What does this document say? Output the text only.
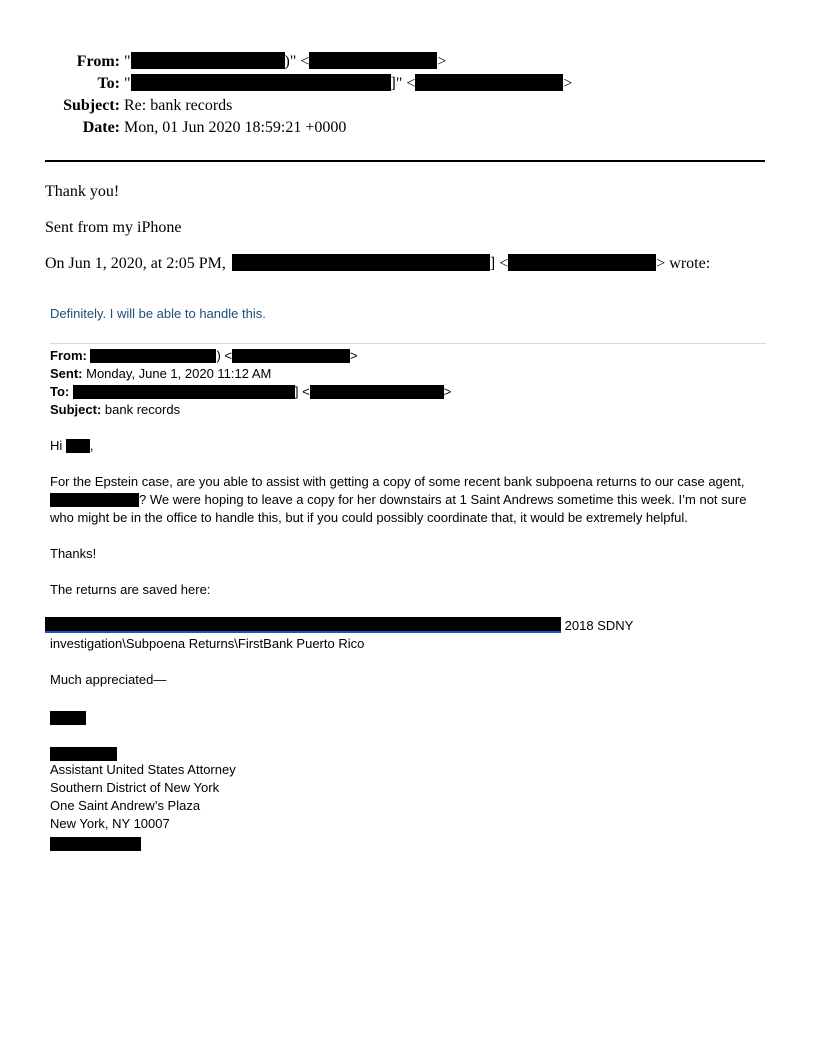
From: "	)" <	>
To: "	]" <	>
Subject: Re: bank records
Date: Mon, 01 Jun 2020 18:59:21 +0000
Thank you!
Sent from my iPhone
On Jun 1, 2020, at 2:05 PM,	] <	> wrote:
Definitely. I will be able to handle this.
From:	) <	>
Sent: Monday, June 1, 2020 11:12 AM
To:	] <	>
Subject: bank records
Hi ,
For the Epstein case, are you able to assist with getting a copy of some recent bank subpoena returns to our case agent,
? We were hoping to leave a copy for her downstairs at 1 Saint Andrews sometime this week. I’m not sure
who might be in the office to handle this, but if you could possibly coordinate that, it would be extremely helpful.
Thanks!
The returns are saved here:
2018 SDNY
investigation\Subpoena Returns\FirstBank Puerto Rico
Much appreciated—
Assistant United States Attorney
Southern District of New York
One Saint Andrew’s Plaza
New York, NY 10007
